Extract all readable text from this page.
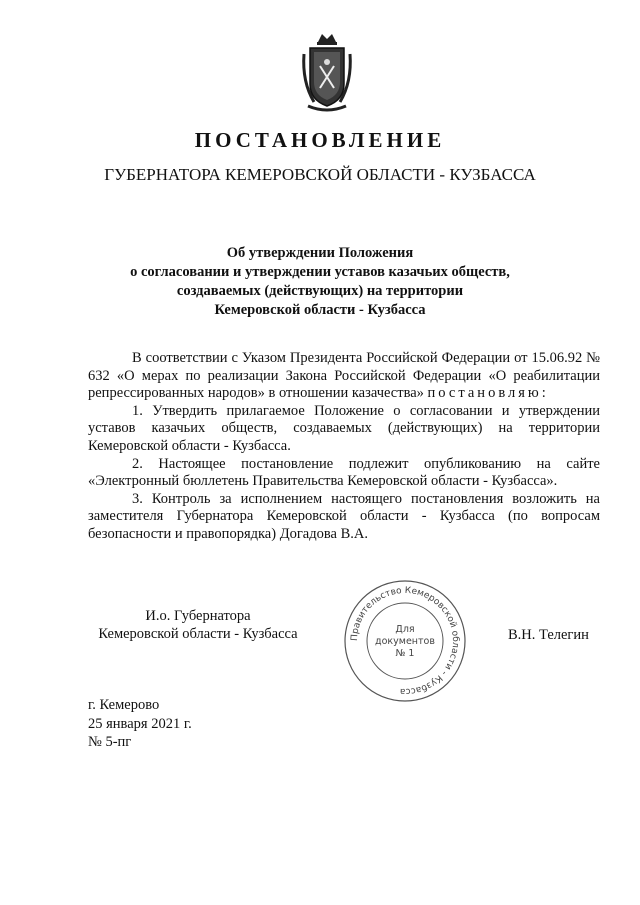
ПОСТАНОВЛЕНИЕ
ГУБЕРНАТОРА КЕМЕРОВСКОЙ ОБЛАСТИ - КУЗБАССА
Об утверждении Положения
о согласовании и утверждении уставов казачьих обществ,
создаваемых (действующих) на территории
Кемеровской области - Кузбасса

В соответствии с Указом Президента Российской Федерации от 15.06.92 № 632 «О мерах по реализации Закона Российской Федерации «О реабилитации репрессированных народов» в отношении казачества» постановляю:

1. Утвердить прилагаемое Положение о согласовании и утверждении уставов казачьих обществ, создаваемых (действующих) на территории Кемеровской области - Кузбасса.

2. Настоящее постановление подлежит опубликованию на сайте «Электронный бюллетень Правительства Кемеровской области - Кузбасса».

3. Контроль за исполнением настоящего постановления возложить на заместителя Губернатора Кемеровской области - Кузбасса (по вопросам безопасности и правопорядка) Догадова В.А.

И.о. Губернатора
Кемеровской области - Кузбасса	Правительство Кемеровской области - Кузбасса
Для
документов
№ 1
В.Н. Телегин
г. Кемерово
25 января 2021 г.
№ 5-пг
